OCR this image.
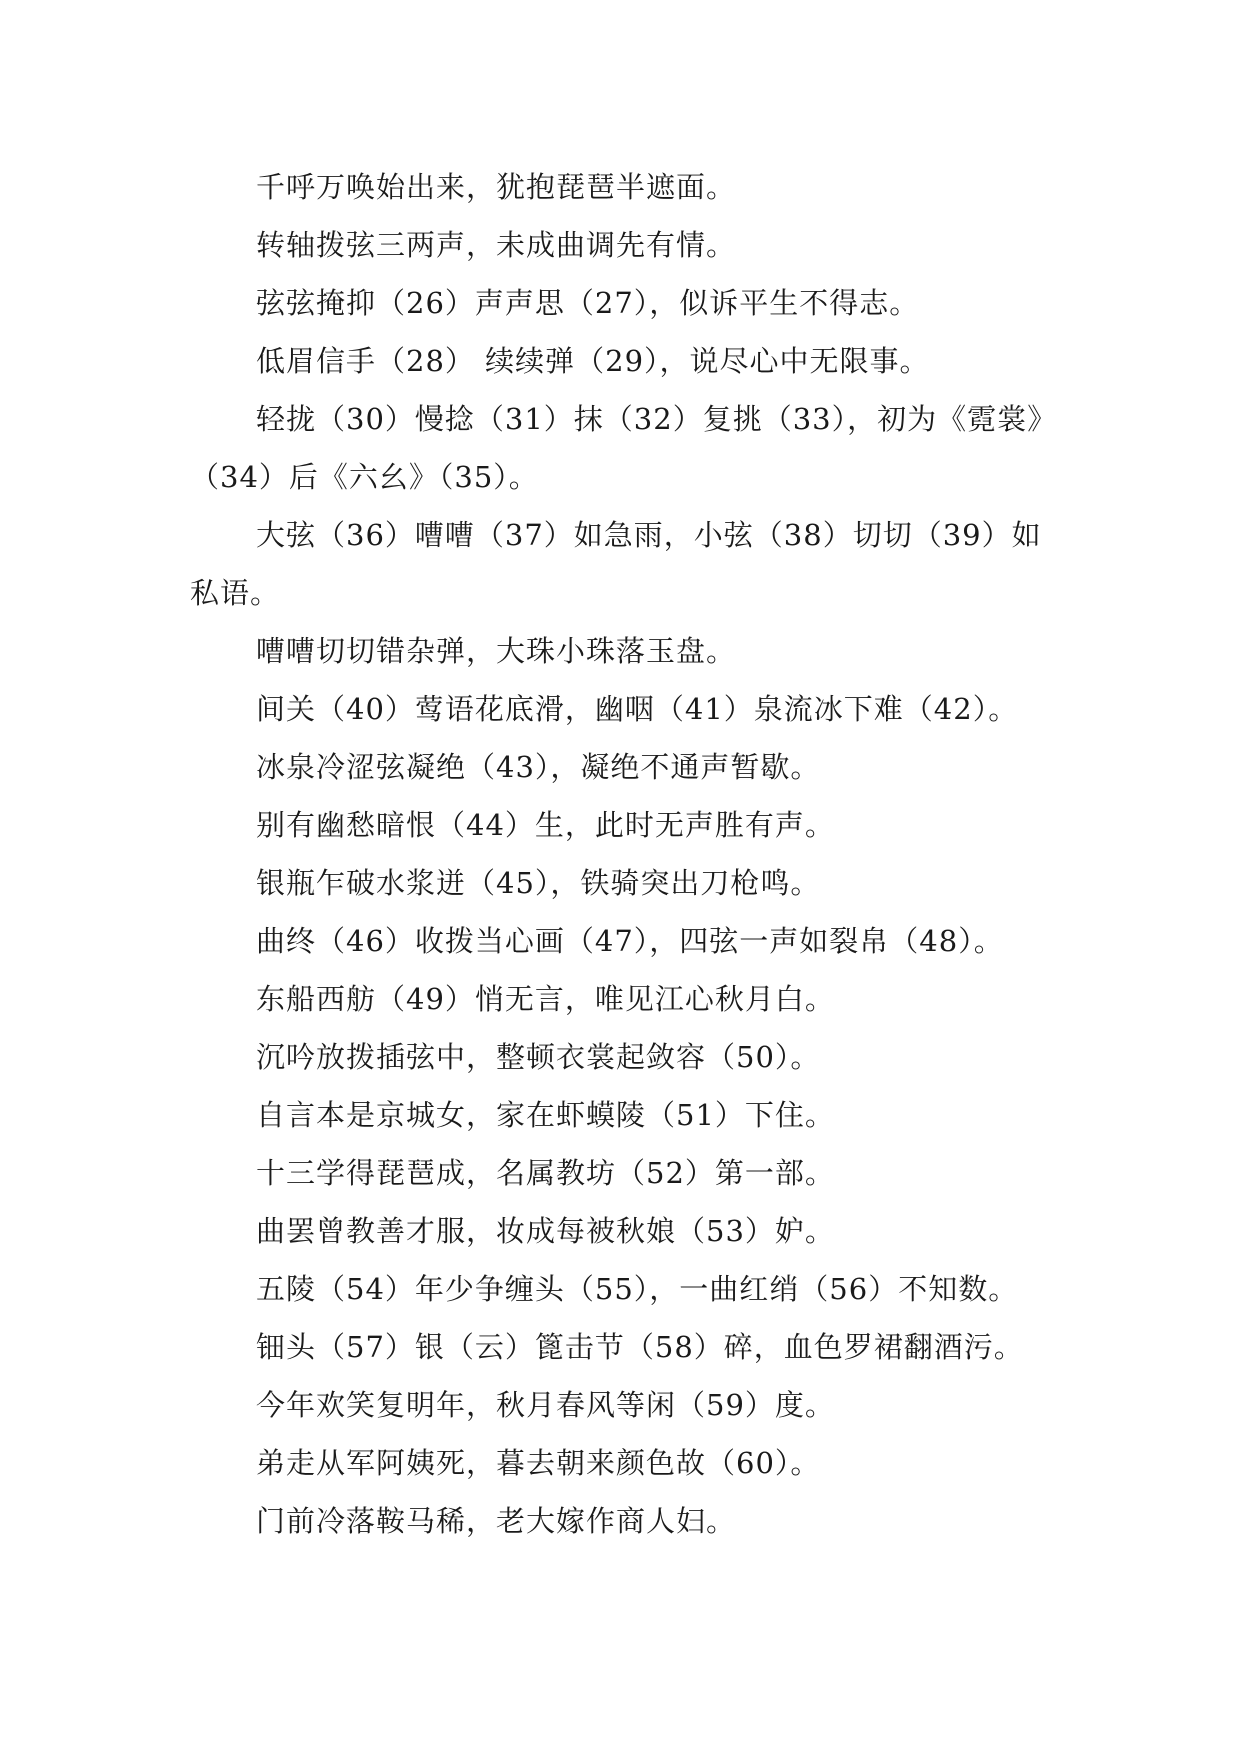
千呼万唤始出来，犹抱琵琶半遮面。

转轴拨弦三两声，未成曲调先有情。

弦弦掩抑（26）声声思（27），似诉平生不得志。

低眉信手（28） 续续弹（29），说尽心中无限事。

轻拢（30）慢捻（31）抹（32）复挑（33），初为《霓裳》（34）后《六幺》（35）。

大弦（36）嘈嘈（37）如急雨，小弦（38）切切（39）如私语。

嘈嘈切切错杂弹，大珠小珠落玉盘。

间关（40）莺语花底滑，幽咽（41）泉流冰下难（42）。

冰泉冷涩弦凝绝（43），凝绝不通声暂歇。

别有幽愁暗恨（44）生，此时无声胜有声。

银瓶乍破水浆迸（45），铁骑突出刀枪鸣。

曲终（46）收拨当心画（47），四弦一声如裂帛（48）。

东船西舫（49）悄无言，唯见江心秋月白。

沉吟放拨插弦中，整顿衣裳起敛容（50）。

自言本是京城女，家在虾蟆陵（51）下住。

十三学得琵琶成，名属教坊（52）第一部。

曲罢曾教善才服，妆成每被秋娘（53）妒。

五陵（54）年少争缠头（55），一曲红绡（56）不知数。

钿头（57）银（云）篦击节（58）碎，血色罗裙翻酒污。

今年欢笑复明年，秋月春风等闲（59）度。

弟走从军阿姨死，暮去朝来颜色故（60）。

门前冷落鞍马稀，老大嫁作商人妇。
